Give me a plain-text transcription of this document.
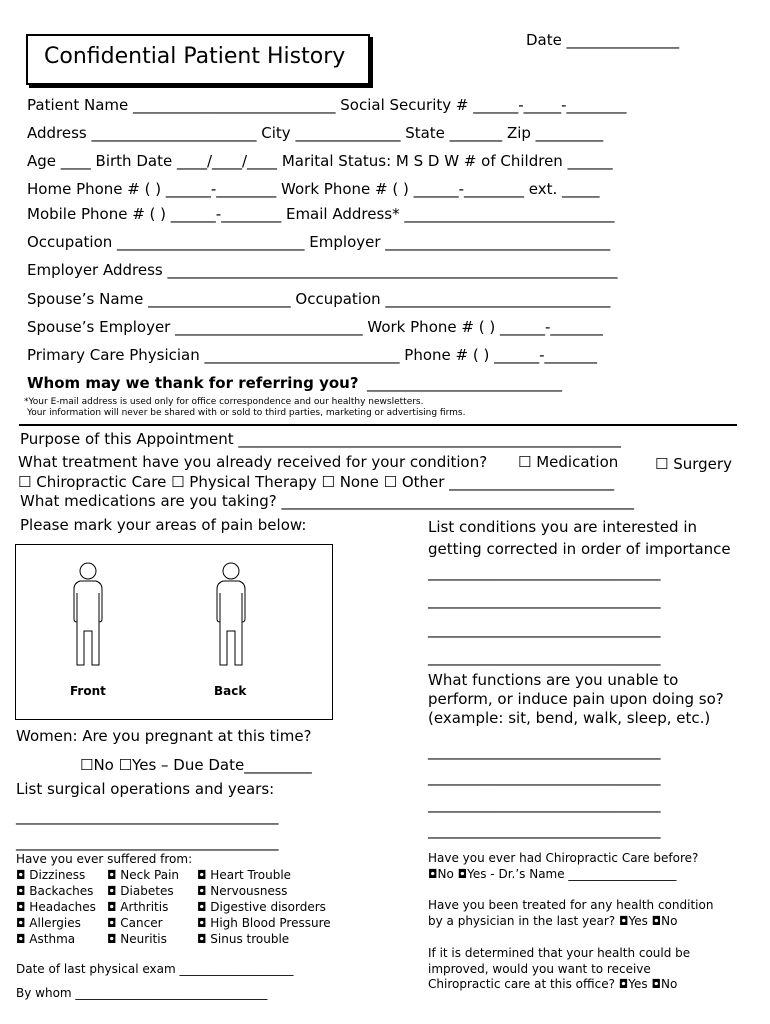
Confidential Patient History
Date _______________
Patient Name ___________________________ Social Security # ______-_____-________
Address ______________________ City ______________ State _______ Zip _________
Age ____ Birth Date ____/____/____ Marital Status: M S D W # of Children ______
Home Phone # ( ) ______-________ Work Phone # ( ) ______-________ ext. _____
Mobile Phone # ( ) ______-________ Email Address* ____________________________
Occupation _________________________ Employer ______________________________
Employer Address ____________________________________________________________
Spouse’s Name ___________________ Occupation ______________________________
Spouse’s Employer _________________________ Work Phone # ( ) ______-_______
Primary Care Physician __________________________ Phone # ( ) ______-_______
Whom may we thank for referring you? __________________________
*Your E-mail address is used only for office correspondence and our healthy newsletters.
Your information will never be shared with or sold to third parties, marketing or advertising firms.
Purpose of this Appointment ___________________________________________________
What treatment have you already received for your condition? ☐ Medication ☐ Surgery
☐ Chiropractic Care ☐ Physical Therapy ☐ None ☐ Other ______________________
What medications are you taking? _______________________________________________
Please mark your areas of pain below:
Front	Back
List conditions you are interested in
getting corrected in order of importance
_______________________________
_______________________________
_______________________________
_______________________________
What functions are you unable to
perform, or induce pain upon doing so?
(example: sit, bend, walk, sleep, etc.)
_______________________________
_______________________________
_______________________________
_______________________________
Women: Are you pregnant at this time?
☐No ☐Yes – Due Date_________
List surgical operations and years:
___________________________________
___________________________________
Have you ever suffered from:
◘ Dizziness
◘ Backaches
◘ Headaches
◘ Allergies
◘ Asthma
◘ Neck Pain
◘ Diabetes
◘ Arthritis
◘ Cancer
◘ Neuritis
◘ Heart Trouble
◘ Nervousness
◘ Digestive disorders
◘ High Blood Pressure
◘ Sinus trouble
Date of last physical exam ___________________
By whom ________________________________
Have you ever had Chiropractic Care before?
◘No ◘Yes - Dr.’s Name __________________
Have you been treated for any health condition
by a physician in the last year? ◘Yes ◘No
If it is determined that your health could be
improved, would you want to receive
Chiropractic care at this office? ◘Yes ◘No
